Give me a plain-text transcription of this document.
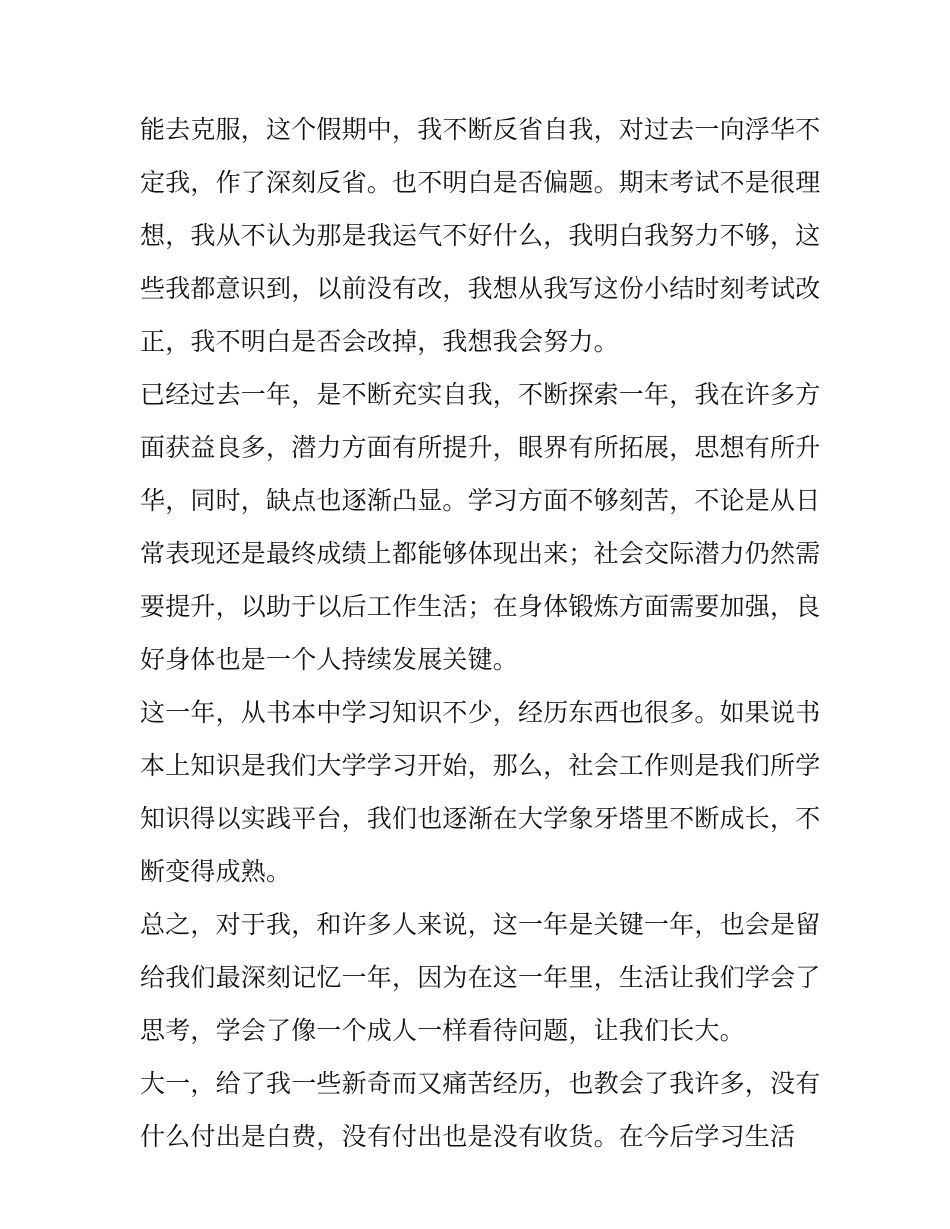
能去克服，这个假期中，我不断反省自我，对过去一向浮华不
定我，作了深刻反省。也不明白是否偏题。期末考试不是很理
想，我从不认为那是我运气不好什么，我明白我努力不够，这
些我都意识到，以前没有改，我想从我写这份小结时刻考试改
正，我不明白是否会改掉，我想我会努力。
已经过去一年，是不断充实自我，不断探索一年，我在许多方
面获益良多，潜力方面有所提升，眼界有所拓展，思想有所升
华，同时，缺点也逐渐凸显。学习方面不够刻苦，不论是从日
常表现还是最终成绩上都能够体现出来；社会交际潜力仍然需
要提升，以助于以后工作生活；在身体锻炼方面需要加强，良
好身体也是一个人持续发展关键。
这一年，从书本中学习知识不少，经历东西也很多。如果说书
本上知识是我们大学学习开始，那么，社会工作则是我们所学
知识得以实践平台，我们也逐渐在大学象牙塔里不断成长，不
断变得成熟。
总之，对于我，和许多人来说，这一年是关键一年，也会是留
给我们最深刻记忆一年，因为在这一年里，生活让我们学会了
思考，学会了像一个成人一样看待问题，让我们长大。
大一，给了我一些新奇而又痛苦经历，也教会了我许多，没有
什么付出是白费，没有付出也是没有收货。在今后学习生活
